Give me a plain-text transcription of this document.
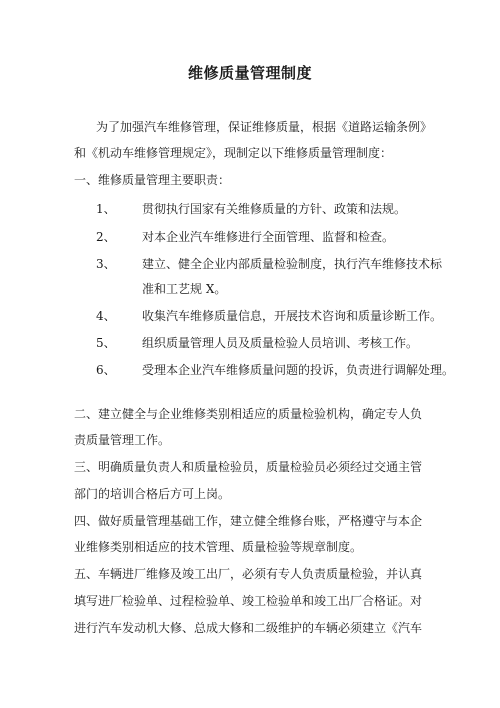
维修质量管理制度
为了加强汽车维修管理，保证维修质量，根据《道路运输条例》
和《机动车维修管理规定》，现制定以下维修质量管理制度：
一、维修质量管理主要职责：
1、 贯彻执行国家有关维修质量的方针、政策和法规。
2、 对本企业汽车维修进行全面管理、监督和检查。
3、 建立、健全企业内部质量检验制度，执行汽车维修技术标
准和工艺规 X。
4、 收集汽车维修质量信息，开展技术咨询和质量诊断工作。
5、 组织质量管理人员及质量检验人员培训、考核工作。
6、 受理本企业汽车维修质量问题的投诉，负责进行调解处理。
二、建立健全与企业维修类别相适应的质量检验机构，确定专人负
责质量管理工作。
三、明确质量负责人和质量检验员，质量检验员必须经过交通主管
部门的培训合格后方可上岗。
四、做好质量管理基础工作，建立健全维修台账，严格遵守与本企
业维修类别相适应的技术管理、质量检验等规章制度。
五、车辆进厂维修及竣工出厂，必须有专人负责质量检验，并认真
填写进厂检验单、过程检验单、竣工检验单和竣工出厂合格证。对
进行汽车发动机大修、总成大修和二级维护的车辆必须建立《汽车
